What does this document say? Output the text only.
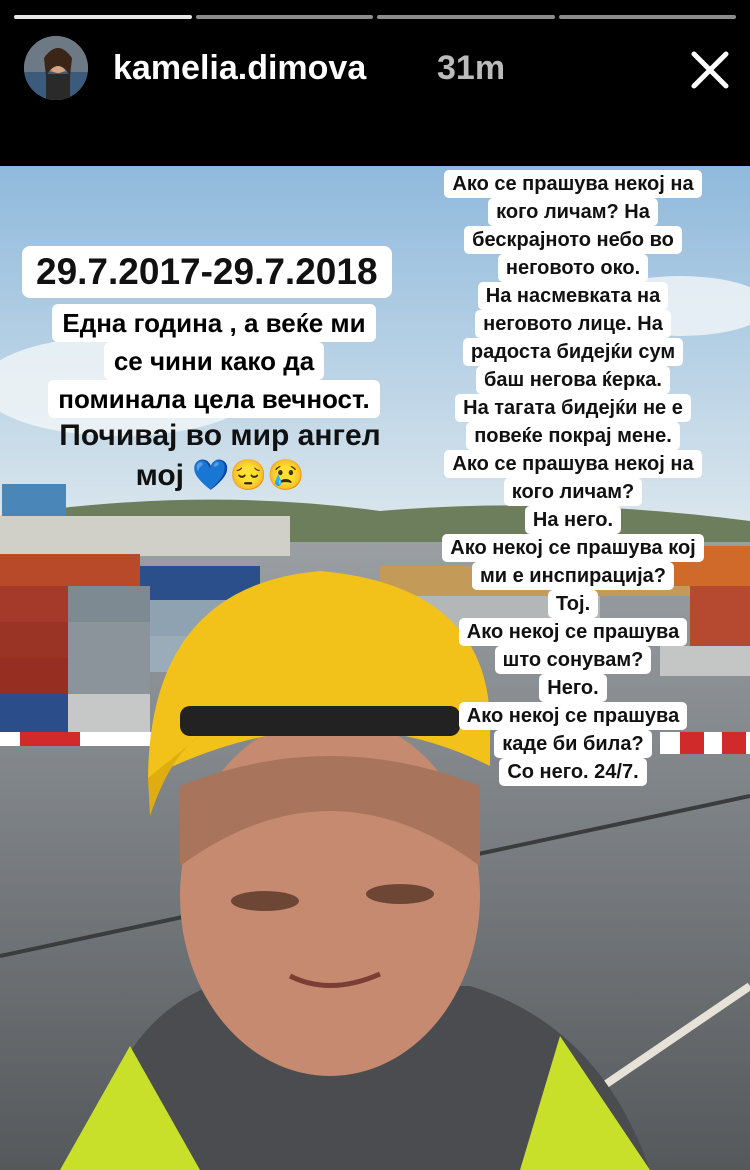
kamelia.dimova 31m
29.7.2017-29.7.2018
Една година , а веќе ми
се чини како да
поминала цела вечност.
Почивај во мир ангел
мој 💙😔😢
Ако се прашува некој на
кого личам? На
бескрајното небо во
неговото око.
На насмевката на
неговото лице. На
радоста бидејќи сум
баш негова ќерка.
На тагата бидејќи не е
повеќе покрај мене.
Ако се прашува некој на
кого личам?
На него.
Ако некој се прашува кој
ми е инспирација?
Тој.
Ако некој се прашува
што сонувам?
Него.
Ако некој се прашува
каде би била?
Со него. 24/7.
